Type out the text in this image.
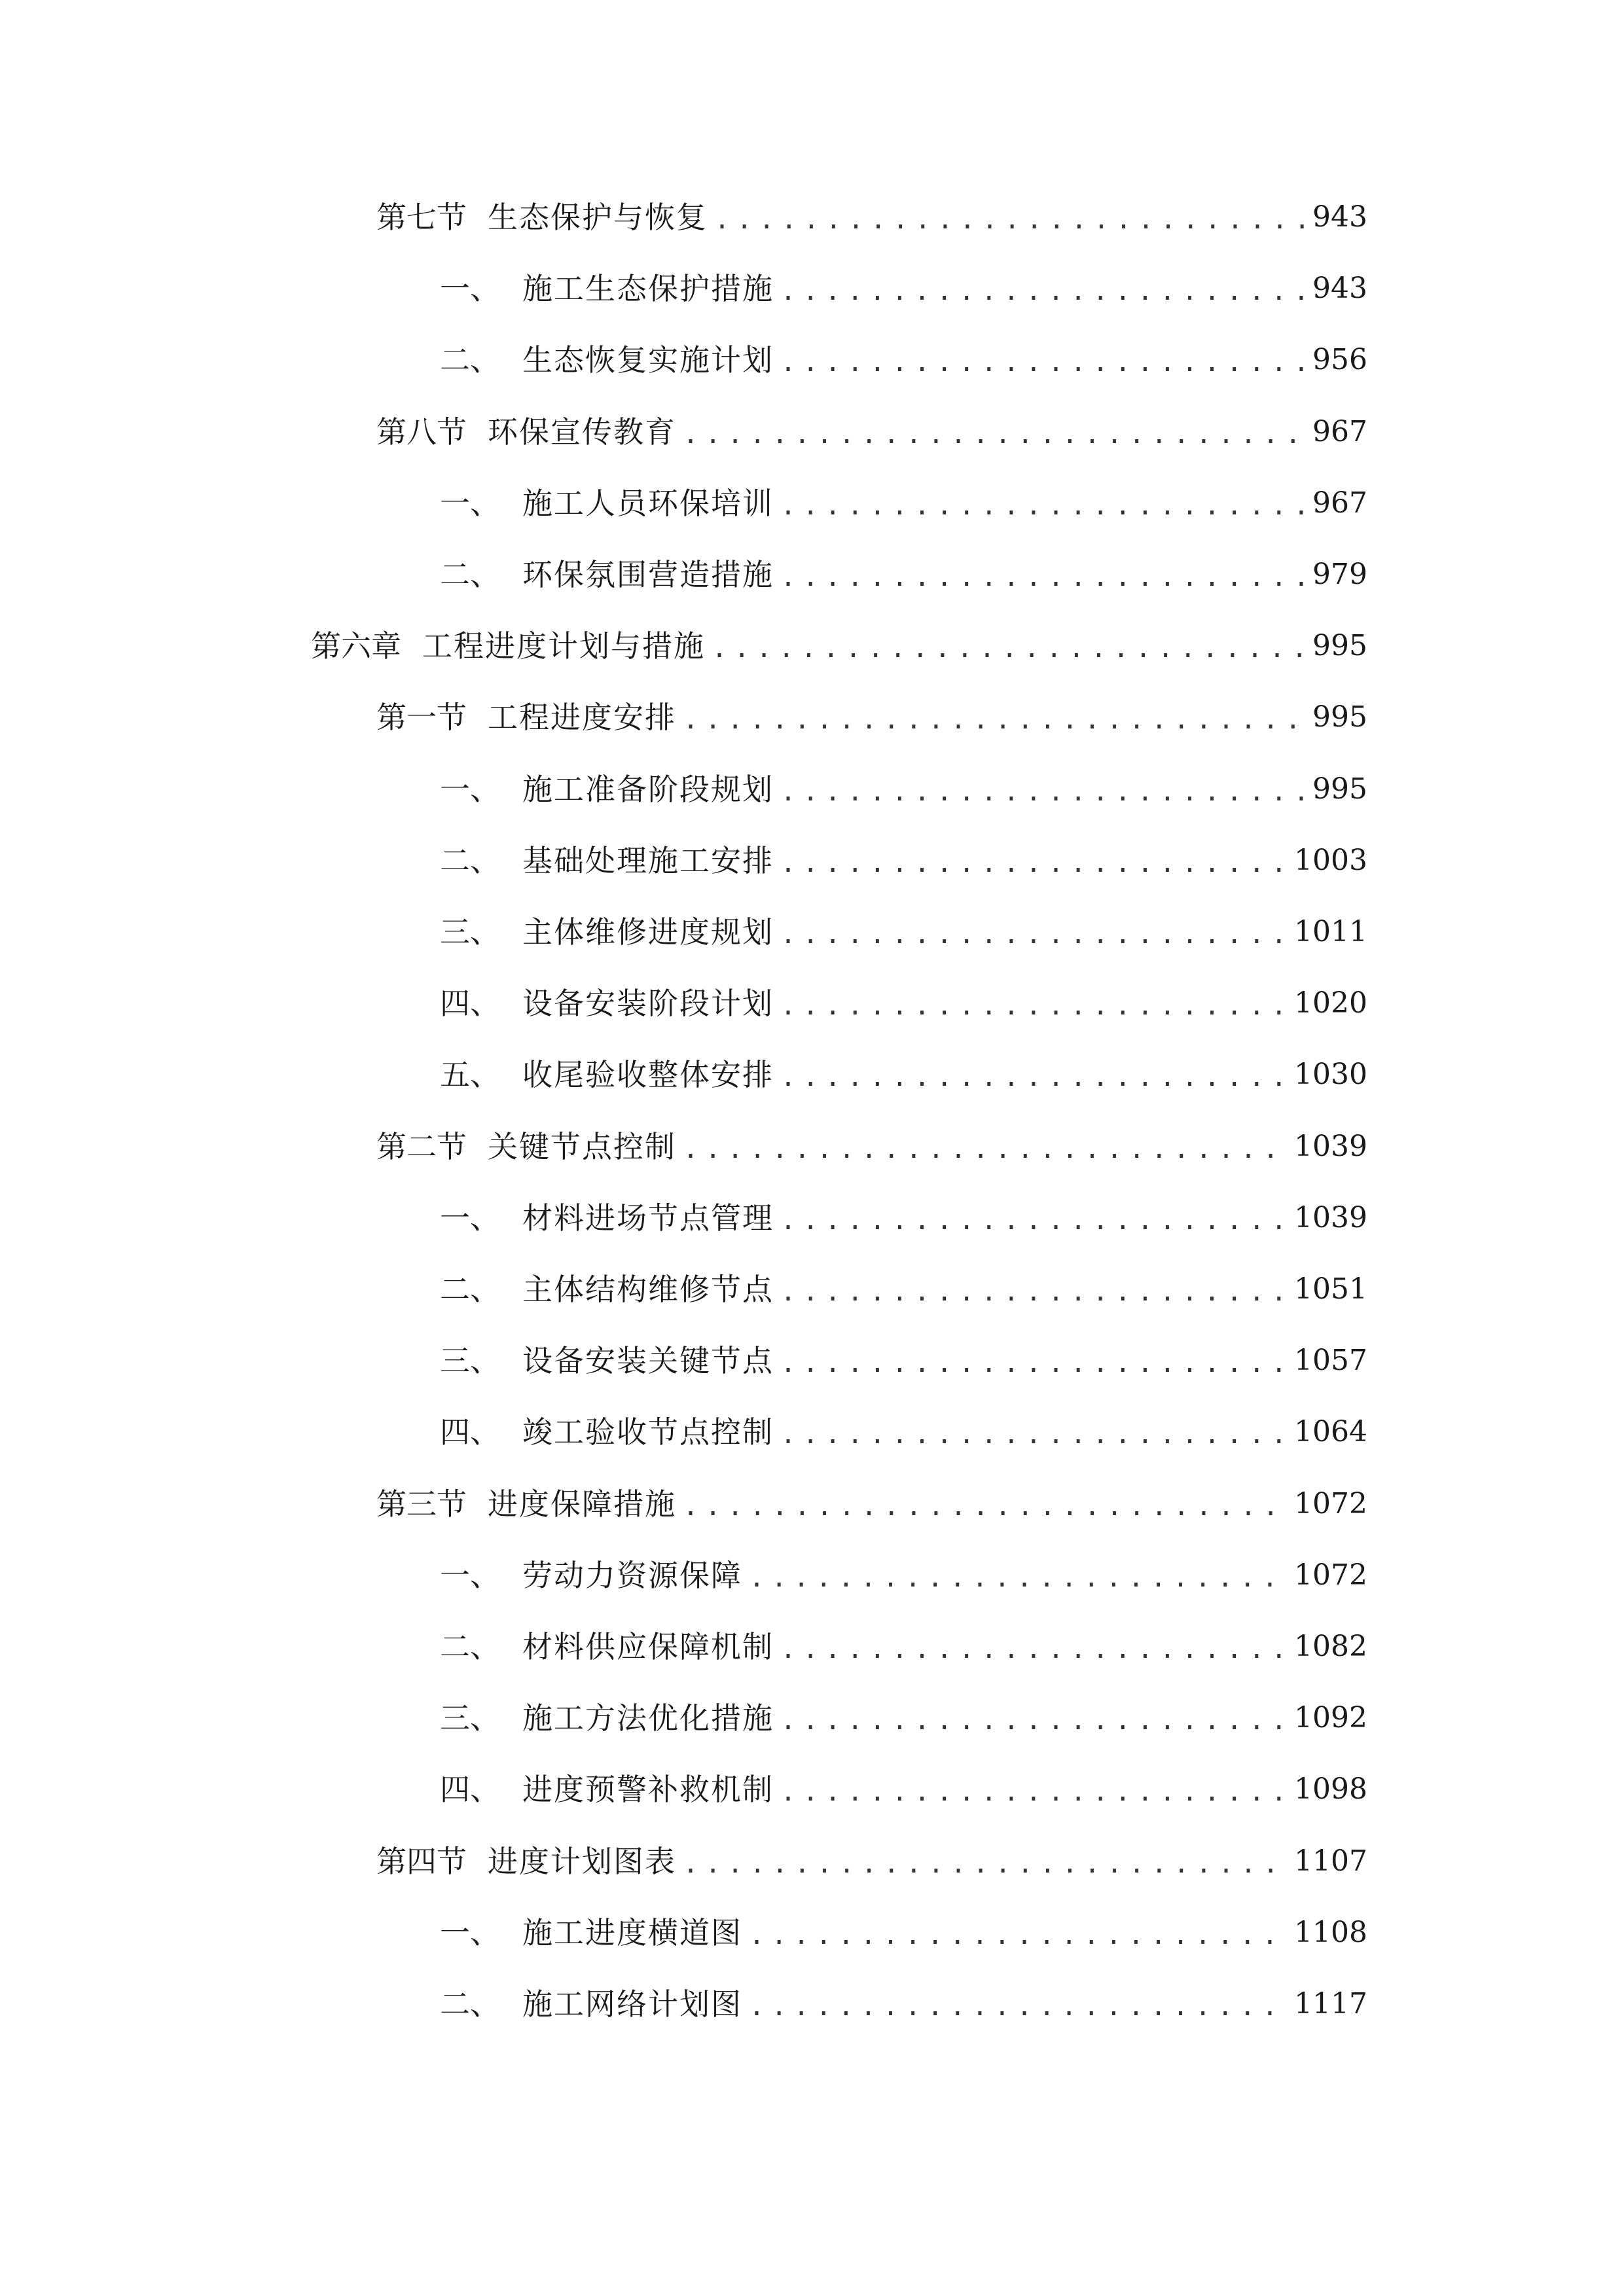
第七节 生态保护与恢复 .....	943
一、 施工生态保护措施 .....	943
二、 生态恢复实施计划 .....	956
第八节 环保宣传教育 .....	967
一、 施工人员环保培训 .....	967
二、 环保氛围营造措施 .....	979
第六章 工程进度计划与措施 .....	995
第一节 工程进度安排 .....	995
一、 施工准备阶段规划 .....	995
二、 基础处理施工安排 .....	1003
三、 主体维修进度规划 .....	1011
四、 设备安装阶段计划 .....	1020
五、 收尾验收整体安排 .....	1030
第二节 关键节点控制 .....	1039
一、 材料进场节点管理 .....	1039
二、 主体结构维修节点 .....	1051
三、 设备安装关键节点 .....	1057
四、 竣工验收节点控制 .....	1064
第三节 进度保障措施 .....	1072
一、 劳动力资源保障 .....	1072
二、 材料供应保障机制 .....	1082
三、 施工方法优化措施 .....	1092
四、 进度预警补救机制 .....	1098
第四节 进度计划图表 .....	1107
一、 施工进度横道图 .....	1108
二、 施工网络计划图 .....	1117
